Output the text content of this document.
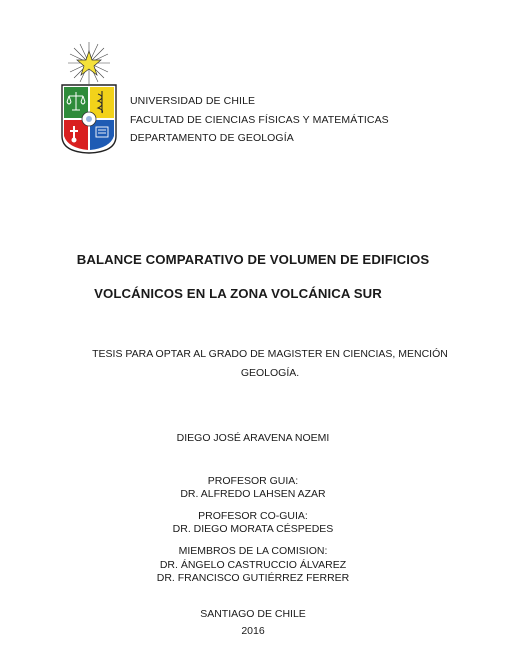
UNIVERSIDAD DE CHILE
FACULTAD DE CIENCIAS FÍSICAS Y MATEMÁTICAS
DEPARTAMENTO DE GEOLOGÍA
BALANCE COMPARATIVO DE VOLUMEN DE EDIFICIOS
VOLCÁNICOS EN LA ZONA VOLCÁNICA SUR
TESIS PARA OPTAR AL GRADO DE MAGISTER EN CIENCIAS, MENCIÓN
GEOLOGÍA.
DIEGO JOSÉ ARAVENA NOEMI
PROFESOR GUIA:
DR. ALFREDO LAHSEN AZAR
PROFESOR CO-GUIA:
DR. DIEGO MORATA CÉSPEDES
MIEMBROS DE LA COMISION:
DR. ÁNGELO CASTRUCCIO ÁLVAREZ
DR. FRANCISCO GUTIÉRREZ FERRER
SANTIAGO DE CHILE
2016
